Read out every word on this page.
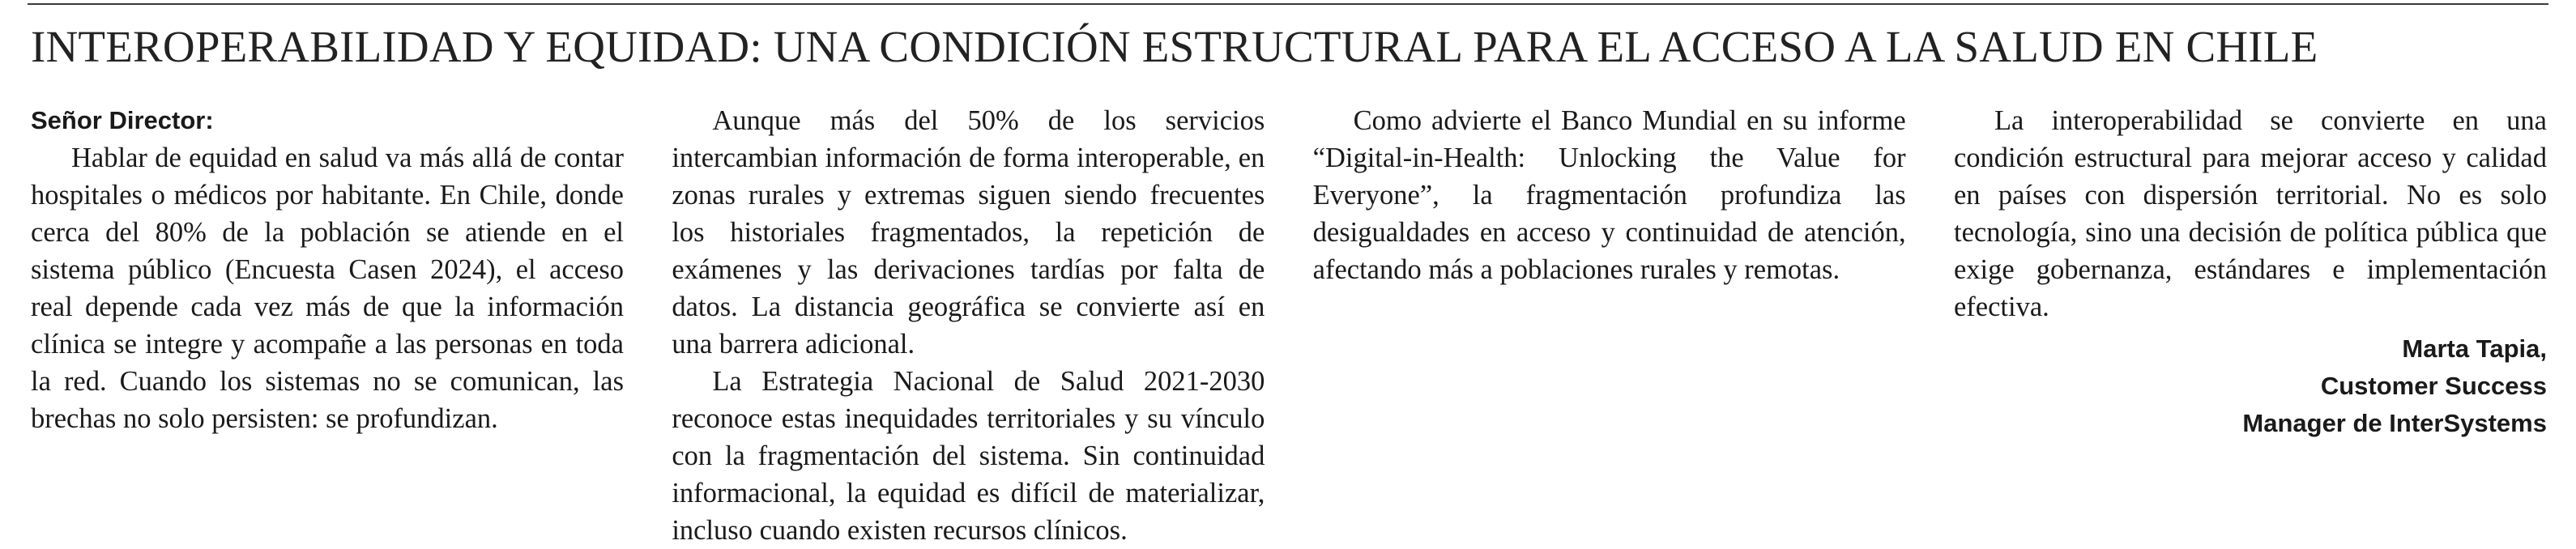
INTEROPERABILIDAD Y EQUIDAD: UNA CONDICIÓN ESTRUCTURAL PARA EL ACCESO A LA SALUD EN CHILE

Señor Director:

Hablar de equidad en salud va más allá de contar hospitales o médicos por habitante. En Chile, donde cerca del 80% de la población se atiende en el sistema público (Encuesta Casen 2024), el acceso real depende cada vez más de que la información clínica se integre y acompañe a las personas en toda la red. Cuando los sistemas no se comunican, las brechas no solo persisten: se profundizan.

Aunque más del 50% de los servicios intercambian información de forma interoperable, en zonas rurales y extremas siguen siendo frecuentes los historiales fragmentados, la repetición de exámenes y las derivaciones tardías por falta de datos. La distancia geográfica se convierte así en una barrera adicional.

La Estrategia Nacional de Salud 2021-2030 reconoce estas inequidades territoriales y su vínculo con la fragmentación del sistema. Sin continuidad informacional, la equidad es difícil de materializar, incluso cuando existen recursos clínicos.

Como advierte el Banco Mundial en su informe “Digital-in-Health: Unlocking the Value for Everyone”, la fragmentación profundiza las desigualdades en acceso y continuidad de atención, afectando más a poblaciones rurales y remotas.

La interoperabilidad se convierte en una condición estructural para mejorar acceso y calidad en países con dispersión territorial. No es solo tecnología, sino una decisión de política pública que exige gobernanza, estándares e implementación efectiva.

Marta Tapia,
Customer Success
Manager de InterSystems
